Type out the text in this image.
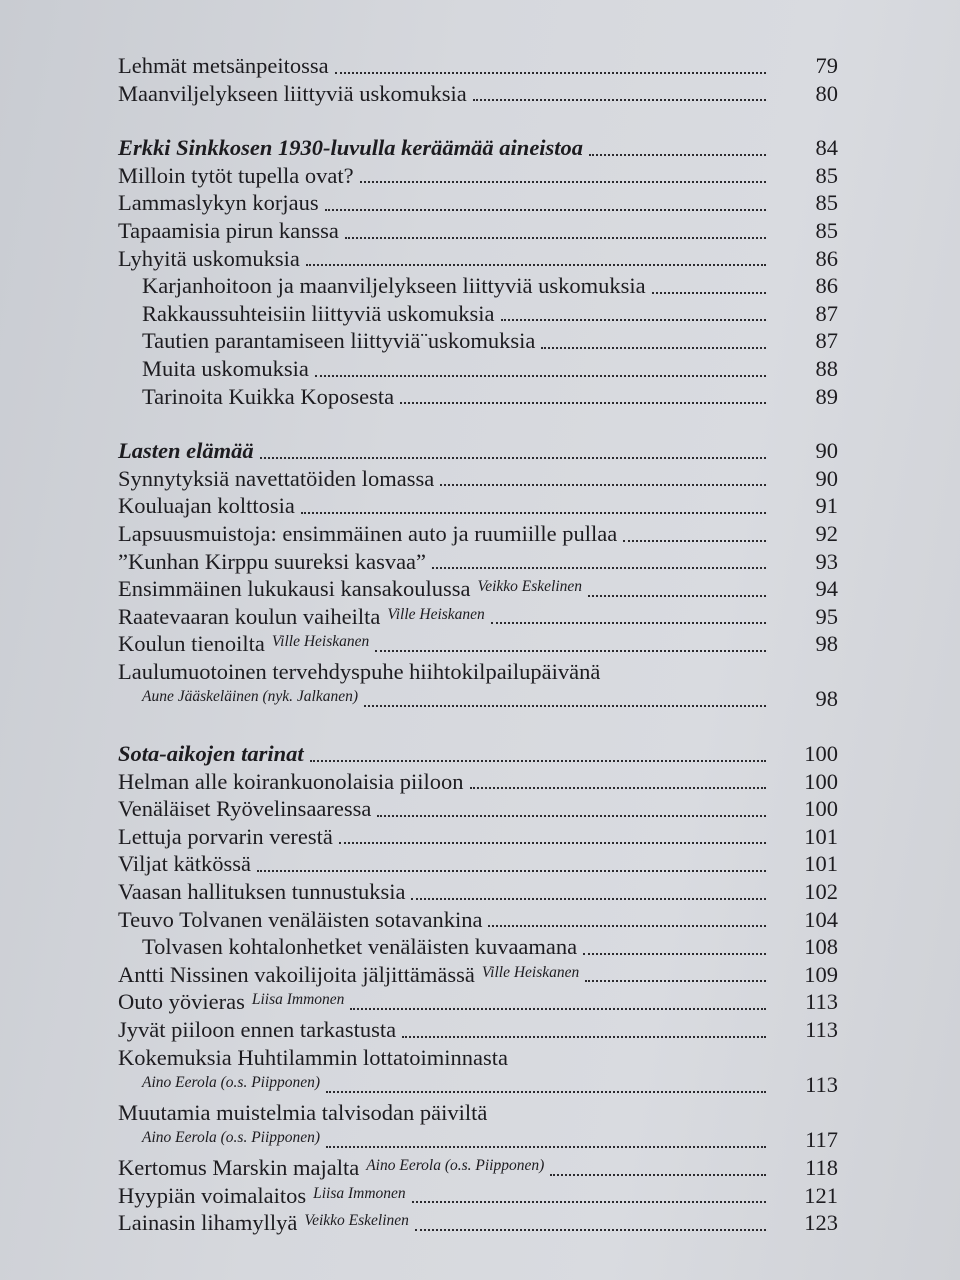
Lehmät metsänpeitossa	79
Maanviljelykseen liittyviä uskomuksia	80
Erkki Sinkkosen 1930-luvulla keräämää aineistoa	84
Milloin tytöt tupella ovat?	85
Lammaslykyn korjaus	85
Tapaamisia pirun kanssa	85
Lyhyitä uskomuksia	86
Karjanhoitoon ja maanviljelykseen liittyviä uskomuksia	86
Rakkaussuhteisiin liittyviä uskomuksia	87
Tautien parantamiseen liittyviä¨uskomuksia	87
Muita uskomuksia	88
Tarinoita Kuikka Koposesta	89
Lasten elämää	90
Synnytyksiä navettatöiden lomassa	90
Kouluajan kolttosia	91
Lapsuusmuistoja: ensimmäinen auto ja ruumiille pullaa	92
”Kunhan Kirppu suureksi kasvaa”	93
Ensimmäinen lukukausi kansakoulussa Veikko Eskelinen	94
Raatevaaran koulun vaiheilta Ville Heiskanen	95
Koulun tienoilta Ville Heiskanen	98
Laulumuotoinen tervehdyspuhe hiihtokilpailupäivänä
Aune Jääskeläinen (nyk. Jalkanen)	98
Sota-aikojen tarinat	100
Helman alle koirankuonolaisia piiloon	100
Venäläiset Ryövelinsaaressa	100
Lettuja porvarin verestä	101
Viljat kätkössä	101
Vaasan hallituksen tunnustuksia	102
Teuvo Tolvanen venäläisten sotavankina	104
Tolvasen kohtalonhetket venäläisten kuvaamana	108
Antti Nissinen vakoilijoita jäljittämässä Ville Heiskanen	109
Outo yövieras Liisa Immonen	113
Jyvät piiloon ennen tarkastusta	113
Kokemuksia Huhtilammin lottatoiminnasta
Aino Eerola (o.s. Piipponen)	113
Muutamia muistelmia talvisodan päiviltä
Aino Eerola (o.s. Piipponen)	117
Kertomus Marskin majalta Aino Eerola (o.s. Piipponen)	118
Hyypiän voimalaitos Liisa Immonen	121
Lainasin lihamyllyä Veikko Eskelinen	123
